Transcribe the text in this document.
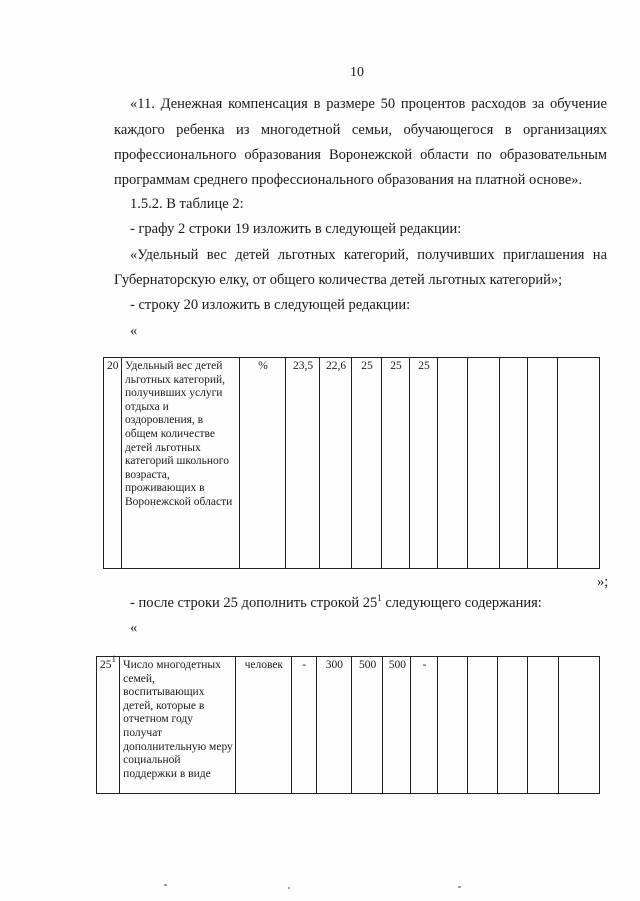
10
«11. Денежная компенсация в размере 50 процентов расходов за обучение
каждого ребенка из многодетной семьи, обучающегося в организациях
профессионального образования Воронежской области по образовательным
программам среднего профессионального образования на платной основе».
1.5.2. В таблице 2:
- графу 2 строки 19 изложить в следующей редакции:
«Удельный вес детей льготных категорий, получивших приглашения на
Губернаторскую елку, от общего количества детей льготных категорий»;
- строку 20 изложить в следующей редакции:
«
20	Удельный вес детей льготных категорий, получивших услуги отдыха и оздоровления, в общем количестве детей льготных категорий школьного возраста, проживающих в Воронежской области	%	23,5	22,6	25	25	25					
»;
- после строки 25 дополнить строкой $25^1$ следующего содержания:
«
$25^1$	Число многодетных семей, воспитывающих детей, которые в отчетном году получат дополнительную меру социальной поддержки в виде	человек	-	300	500	500	-					
